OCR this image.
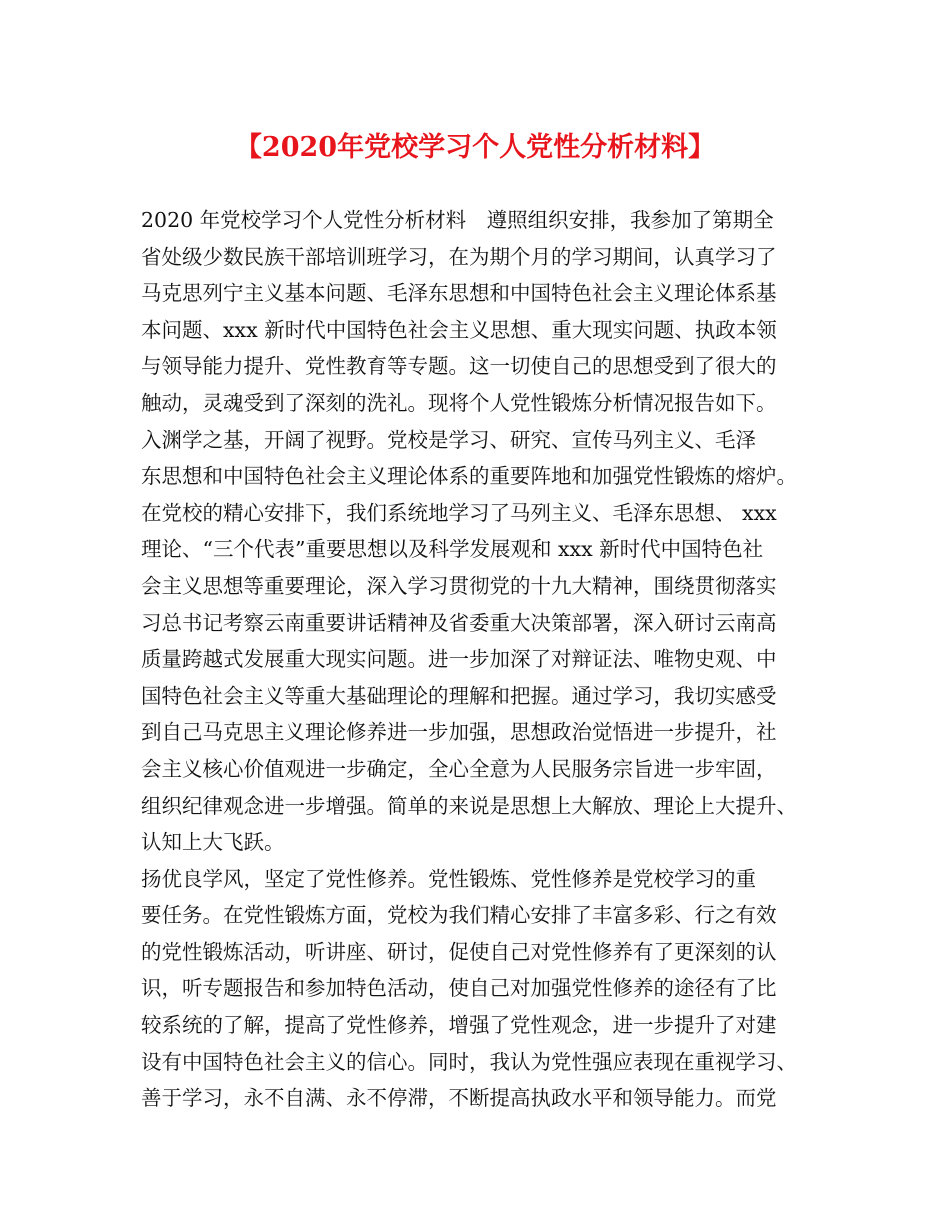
【2020年党校学习个人党性分析材料】

2020 年党校学习个人党性分析材料　遵照组织安排，我参加了第期全

省处级少数民族干部培训班学习，在为期个月的学习期间，认真学习了

马克思列宁主义基本问题、毛泽东思想和中国特色社会主义理论体系基

本问题、xxx 新时代中国特色社会主义思想、重大现实问题、执政本领

与领导能力提升、党性教育等专题。这一切使自己的思想受到了很大的

触动，灵魂受到了深刻的洗礼。现将个人党性锻炼分析情况报告如下。

入渊学之基，开阔了视野。党校是学习、研究、宣传马列主义、毛泽

东思想和中国特色社会主义理论体系的重要阵地和加强党性锻炼的熔炉。

在党校的精心安排下，我们系统地学习了马列主义、毛泽东思想、 xxx

理论、“三个代表”重要思想以及科学发展观和 xxx 新时代中国特色社

会主义思想等重要理论，深入学习贯彻党的十九大精神，围绕贯彻落实

习总书记考察云南重要讲话精神及省委重大决策部署，深入研讨云南高

质量跨越式发展重大现实问题。进一步加深了对辩证法、唯物史观、中

国特色社会主义等重大基础理论的理解和把握。通过学习，我切实感受

到自己马克思主义理论修养进一步加强，思想政治觉悟进一步提升，社

会主义核心价值观进一步确定，全心全意为人民服务宗旨进一步牢固，

组织纪律观念进一步增强。简单的来说是思想上大解放、理论上大提升、

认知上大飞跃。

扬优良学风，坚定了党性修养。党性锻炼、党性修养是党校学习的重

要任务。在党性锻炼方面，党校为我们精心安排了丰富多彩、行之有效

的党性锻炼活动，听讲座、研讨，促使自己对党性修养有了更深刻的认

识，听专题报告和参加特色活动，使自己对加强党性修养的途径有了比

较系统的了解，提高了党性修养，增强了党性观念，进一步提升了对建

设有中国特色社会主义的信心。同时，我认为党性强应表现在重视学习、

善于学习，永不自满、永不停滞，不断提高执政水平和领导能力。而党
